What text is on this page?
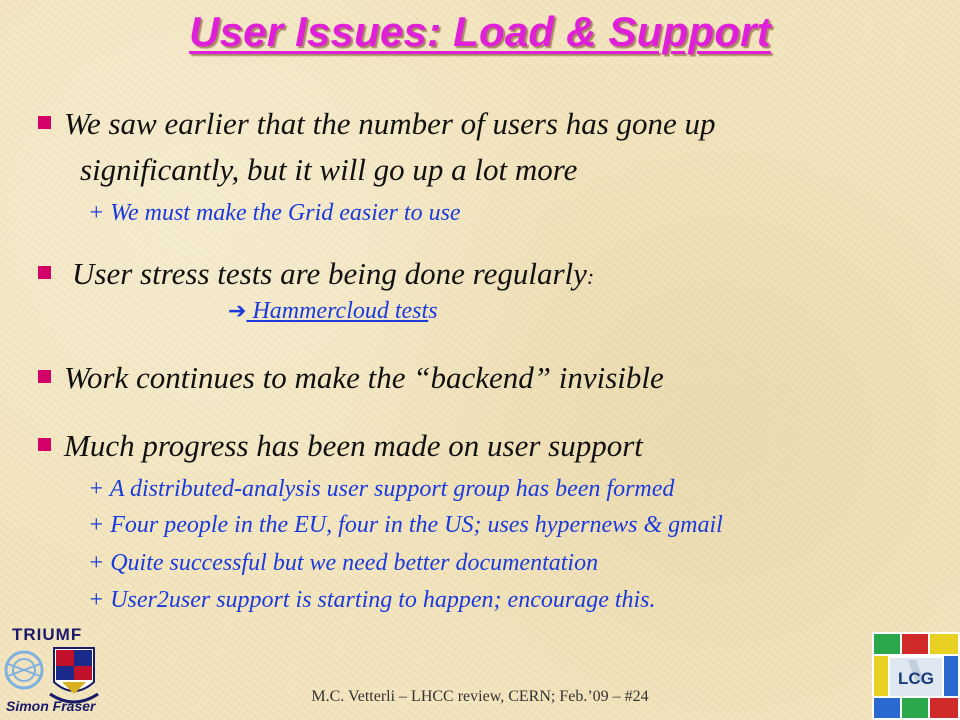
User Issues: Load & Support
We saw earlier that the number of users has gone up
significantly, but it will go up a lot more
+ We must make the Grid easier to use
User stress tests are being done regularly:
➔ Hammercloud tests
Work continues to make the “backend” invisible
Much progress has been made on user support
+ A distributed-analysis user support group has been formed
+ Four people in the EU, four in the US; uses hypernews & gmail
+ Quite successful but we need better documentation
+ User2user support is starting to happen; encourage this.
TRIUMF
Simon Fraser
M.C. Vetterli – LHCC review, CERN; Feb.’09 – #24
LCG
